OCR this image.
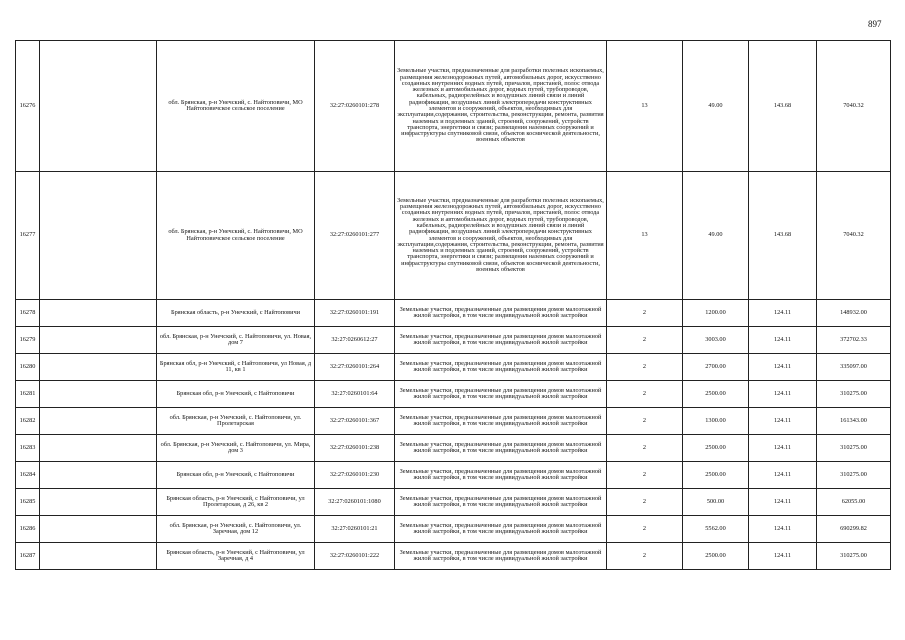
897
16276		обл. Брянская, р-н Унечский, с. Найтоповичи, МО Найтоповичское сельское поселение	32:27:0260101:278	Земельные участки, предназначенные для разработки полезных ископаемых, размещения железнодорожных путей, автомобильных дорог, искусственно созданных внутренних водных путей, причалов, пристаней, полос отвода железных и автомобильных дорог, водных путей, трубопроводов, кабельных, радиорелейных и воздушных линий связи и линий радиофикации, воздушных линий электропередачи конструктивных элементов и сооружений, объектов, необходимых для эксплуатации,содержания, строительства, реконструкции, ремонта, развития наземных и подземных зданий, строений, сооружений, устройств транспорта, энергетики и связи; размещения наземных сооружений и инфраструктуры спутниковой связи, объектов космической деятельности, военных объектов	13	49.00	143.68	7040.32
16277		обл. Брянская, р-н Унечский, с. Найтоповичи, МО Найтоповичское сельское поселение	32:27:0260101:277	Земельные участки, предназначенные для разработки полезных ископаемых, размещения железнодорожных путей, автомобильных дорог, искусственно созданных внутренних водных путей, причалов, пристаней, полос отвода железных и автомобильных дорог, водных путей, трубопроводов, кабельных, радиорелейных и воздушных линий связи и линий радиофикации, воздушных линий электропередачи конструктивных элементов и сооружений, объектов, необходимых для эксплуатации,содержания, строительства, реконструкции, ремонта, развития наземных и подземных зданий, строений, сооружений, устройств транспорта, энергетики и связи; размещения наземных сооружений и инфраструктуры спутниковой связи, объектов космической деятельности, военных объектов	13	49.00	143.68	7040.32
16278		Брянская область, р-н Унечский, с Найтоповичи	32:27:0260101:191	Земельные участки, предназначенные для размещения домов малоэтажной жилой застройки, в том числе индивидуальной жилой застройки	2	1200.00	124.11	148932.00
16279		обл. Брянская, р-н Унечский, с. Найтоповичи, ул. Новая, дом 7	32:27:0260612:27	Земельные участки, предназначенные для размещения домов малоэтажной жилой застройки, в том числе индивидуальной жилой застройки	2	3003.00	124.11	372702.33
16280		Брянская обл, р-н Унечский, с Найтоповичи, ул Новая, д 11, кв 1	32:27:0260101:264	Земельные участки, предназначенные для размещения домов малоэтажной жилой застройки, в том числе индивидуальной жилой застройки	2	2700.00	124.11	335097.00
16281		Брянская обл, р-н Унечский, с Найтоповичи	32:27:0260101:64	Земельные участки, предназначенные для размещения домов малоэтажной жилой застройки, в том числе индивидуальной жилой застройки	2	2500.00	124.11	310275.00
16282		обл. Брянская, р-н Унечский, с. Найтоповичи, ул. Пролетарская	32:27:0260101:367	Земельные участки, предназначенные для размещения домов малоэтажной жилой застройки, в том числе индивидуальной жилой застройки	2	1300.00	124.11	161343.00
16283		обл. Брянская, р-н Унечский, с. Найтоповичи, ул. Мира, дом 3	32:27:0260101:238	Земельные участки, предназначенные для размещения домов малоэтажной жилой застройки, в том числе индивидуальной жилой застройки	2	2500.00	124.11	310275.00
16284		Брянская обл, р-н Унечский, с Найтоповичи	32:27:0260101:230	Земельные участки, предназначенные для размещения домов малоэтажной жилой застройки, в том числе индивидуальной жилой застройки	2	2500.00	124.11	310275.00
16285		Брянская область, р-н Унечский, с Найтоповичи, ул Пролетарская, д 26, кв 2	32:27:0260101:1080	Земельные участки, предназначенные для размещения домов малоэтажной жилой застройки, в том числе индивидуальной жилой застройки	2	500.00	124.11	62055.00
16286		обл. Брянская, р-н Унечский, с. Найтоповичи, ул. Заречная, дом 12	32:27:0260101:21	Земельные участки, предназначенные для размещения домов малоэтажной жилой застройки, в том числе индивидуальной жилой застройки	2	5562.00	124.11	690299.82
16287		Брянская область, р-н Унечский, с Найтоповичи, ул Заречная, д 4	32:27:0260101:222	Земельные участки, предназначенные для размещения домов малоэтажной жилой застройки, в том числе индивидуальной жилой застройки	2	2500.00	124.11	310275.00
